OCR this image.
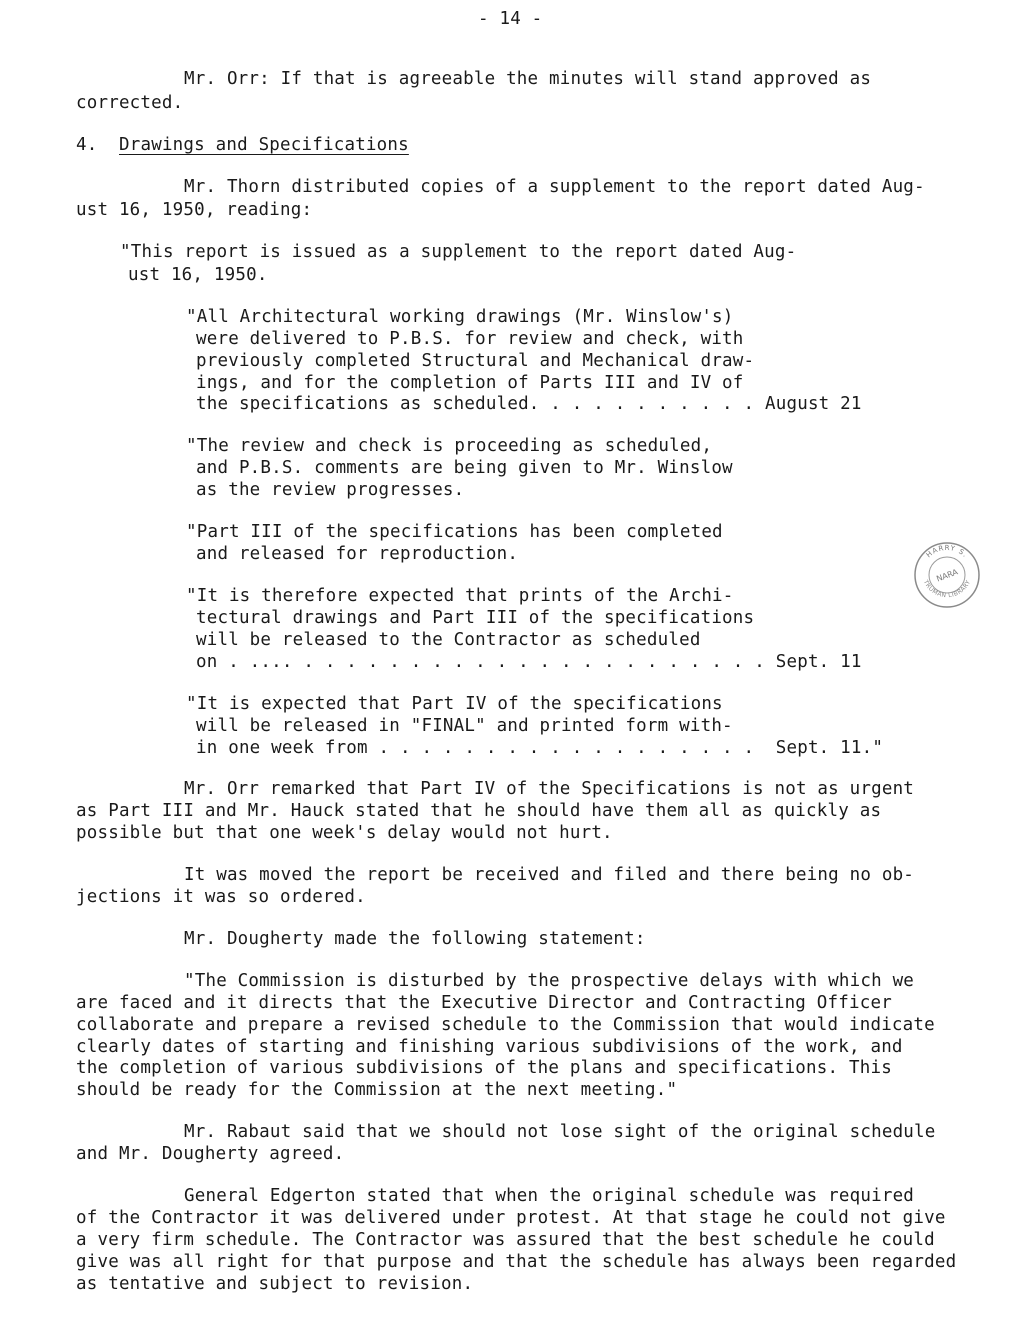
- 14 -
Mr. Orr: If that is agreeable the minutes will stand approved as
corrected.
4. Drawings and Specifications
Mr. Thorn distributed copies of a supplement to the report dated Aug-
ust 16, 1950, reading:
"This report is issued as a supplement to the report dated Aug-
ust 16, 1950.
"All Architectural working drawings (Mr. Winslow's)
were delivered to P.B.S. for review and check, with
previously completed Structural and Mechanical draw-
ings, and for the completion of Parts III and IV of
the specifications as scheduled. . . . . . . . . . . August 21
"The review and check is proceeding as scheduled,
and P.B.S. comments are being given to Mr. Winslow
as the review progresses.
"Part III of the specifications has been completed
and released for reproduction.
"It is therefore expected that prints of the Archi-
tectural drawings and Part III of the specifications
will be released to the Contractor as scheduled
on . .... . . . . . . . . . . . . . . . . . . . . . . Sept. 11
"It is expected that Part IV of the specifications
will be released in "FINAL" and printed form with-
in one week from . . . . . . . . . . . . . . . . . .  Sept. 11."
Mr. Orr remarked that Part IV of the Specifications is not as urgent
as Part III and Mr. Hauck stated that he should have them all as quickly as
possible but that one week's delay would not hurt.
It was moved the report be received and filed and there being no ob-
jections it was so ordered.
Mr. Dougherty made the following statement:
"The Commission is disturbed by the prospective delays with which we
are faced and it directs that the Executive Director and Contracting Officer
collaborate and prepare a revised schedule to the Commission that would indicate
clearly dates of starting and finishing various subdivisions of the work, and
the completion of various subdivisions of the plans and specifications. This
should be ready for the Commission at the next meeting."
Mr. Rabaut said that we should not lose sight of the original schedule
and Mr. Dougherty agreed.
General Edgerton stated that when the original schedule was required
of the Contractor it was delivered under protest. At that stage he could not give
a very firm schedule. The Contractor was assured that the best schedule he could
give was all right for that purpose and that the schedule has always been regarded
as tentative and subject to revision.
HARRY S.
TRUMAN LIBRARY
NARA
